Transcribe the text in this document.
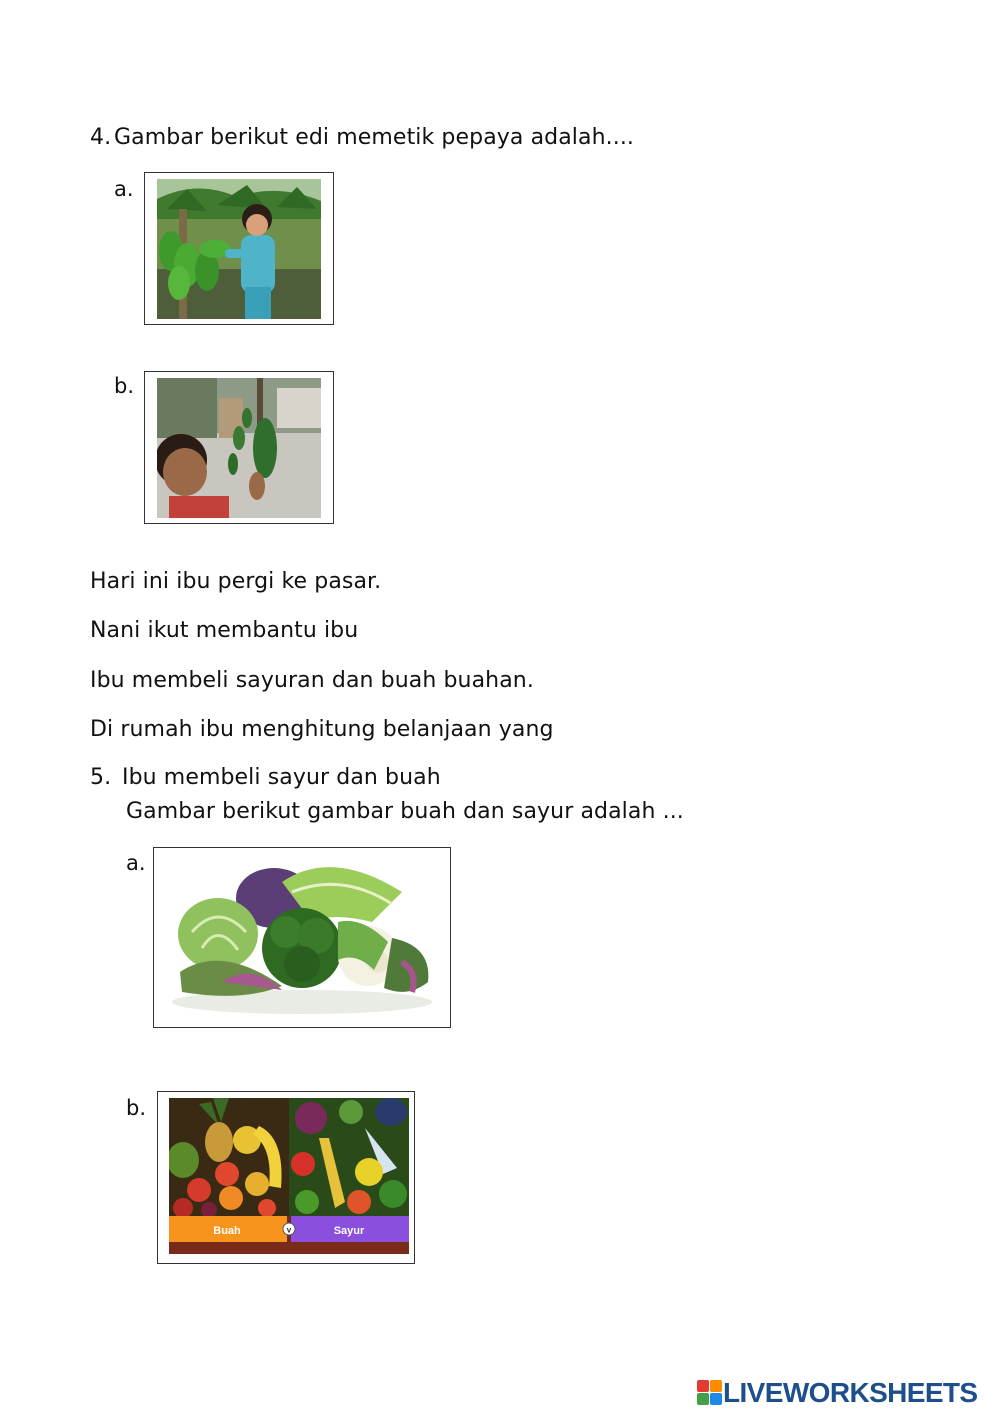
4. Gambar berikut edi memetik pepaya adalah....
a.
b.
Hari ini ibu pergi ke pasar.
Nani ikut membantu ibu
Ibu membeli sayuran dan buah buahan.
Di rumah ibu menghitung belanjaan yang
5. Ibu membeli sayur dan buah
Gambar berikut gambar buah dan sayur adalah ...
a.
b.
Buah	v	Sayur
LIVEWORKSHEETS
